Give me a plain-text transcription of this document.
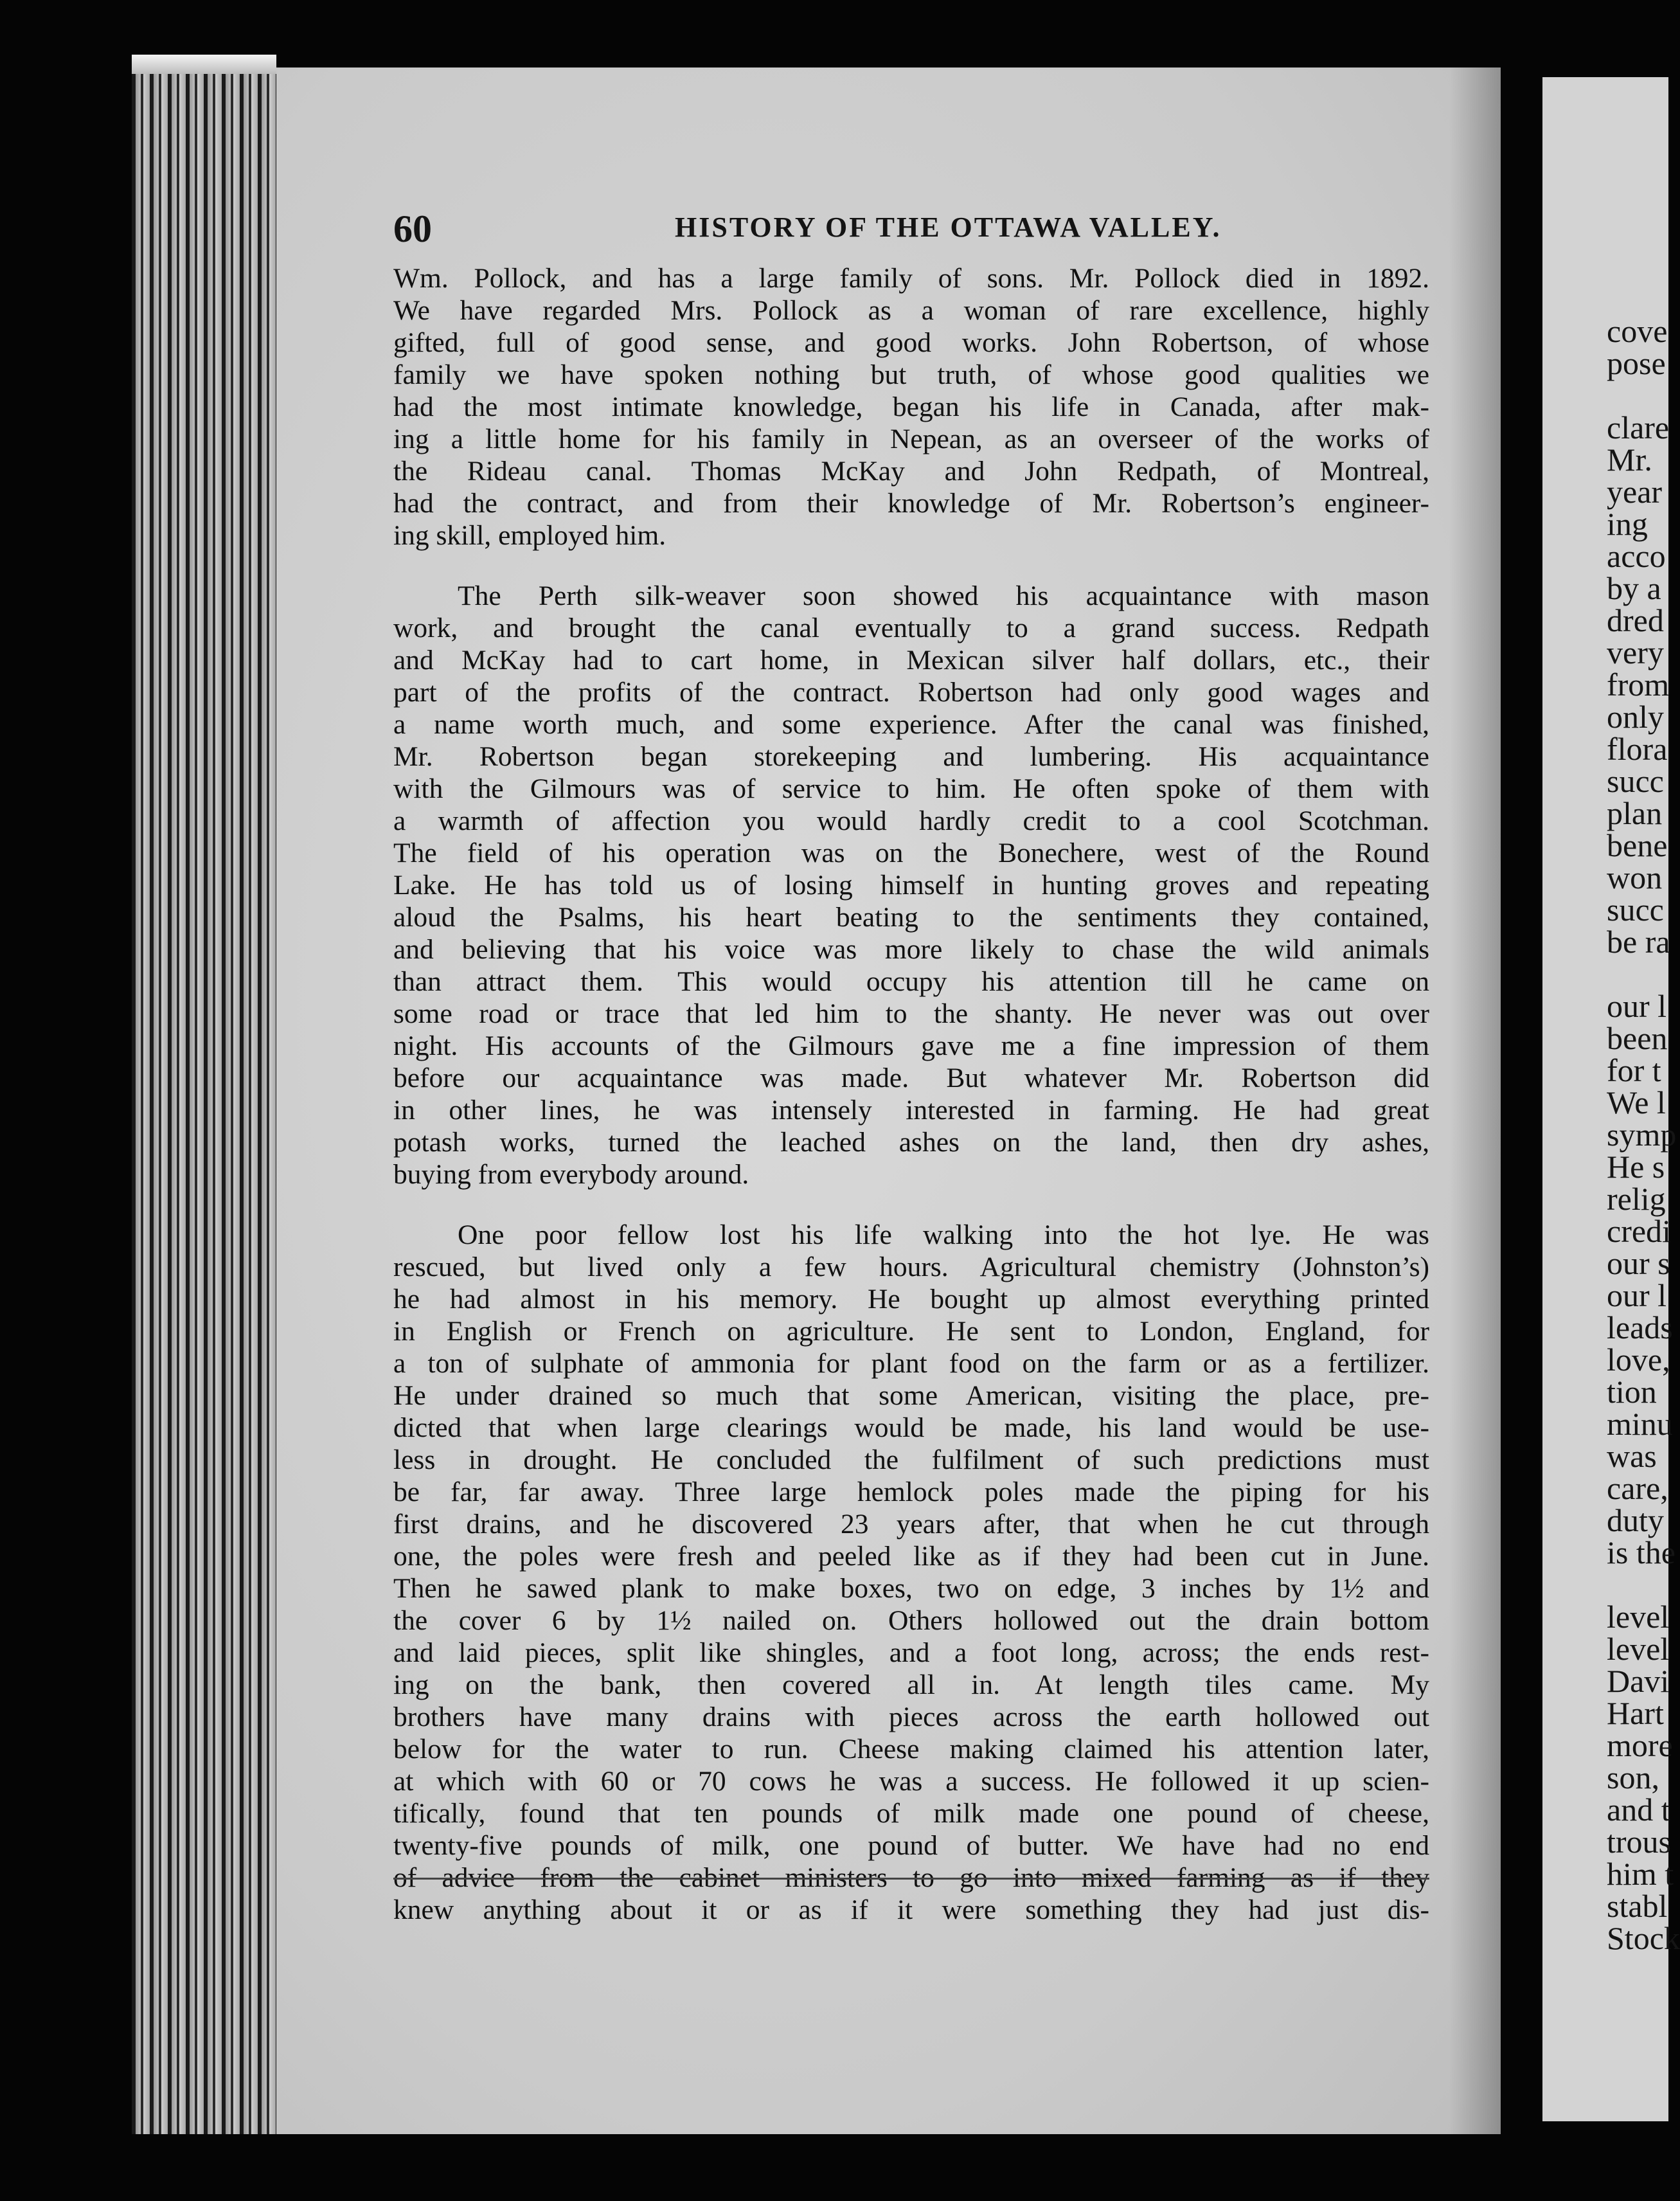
60	HISTORY OF THE OTTAWA VALLEY.
Wm. Pollock, and has a large family of sons. Mr. Pollock died in 1892.
We have regarded Mrs. Pollock as a woman of rare excellence, highly
gifted, full of good sense, and good works. John Robertson, of whose
family we have spoken nothing but truth, of whose good qualities we
had the most intimate knowledge, began his life in Canada, after mak-
ing a little home for his family in Nepean, as an overseer of the works of
the Rideau canal. Thomas McKay and John Redpath, of Montreal,
had the contract, and from their knowledge of Mr. Robertson’s engineer-
ing skill, employed him.
The Perth silk-weaver soon showed his acquaintance with mason
work, and brought the canal eventually to a grand success. Redpath
and McKay had to cart home, in Mexican silver half dollars, etc., their
part of the profits of the contract. Robertson had only good wages and
a name worth much, and some experience. After the canal was finished,
Mr. Robertson began storekeeping and lumbering. His acquaintance
with the Gilmours was of service to him. He often spoke of them with
a warmth of affection you would hardly credit to a cool Scotchman.
The field of his operation was on the Bonechere, west of the Round
Lake. He has told us of losing himself in hunting groves and repeating
aloud the Psalms, his heart beating to the sentiments they contained,
and believing that his voice was more likely to chase the wild animals
than attract them. This would occupy his attention till he came on
some road or trace that led him to the shanty. He never was out over
night. His accounts of the Gilmours gave me a fine impression of them
before our acquaintance was made. But whatever Mr. Robertson did
in other lines, he was intensely interested in farming. He had great
potash works, turned the leached ashes on the land, then dry ashes,
buying from everybody around.
One poor fellow lost his life walking into the hot lye. He was
rescued, but lived only a few hours. Agricultural chemistry (Johnston’s)
he had almost in his memory. He bought up almost everything printed
in English or French on agriculture. He sent to London, England, for
a ton of sulphate of ammonia for plant food on the farm or as a fertilizer.
He under drained so much that some American, visiting the place, pre-
dicted that when large clearings would be made, his land would be use-
less in drought. He concluded the fulfilment of such predictions must
be far, far away. Three large hemlock poles made the piping for his
first drains, and he discovered 23 years after, that when he cut through
one, the poles were fresh and peeled like as if they had been cut in June.
Then he sawed plank to make boxes, two on edge, 3 inches by 1½ and
the cover 6 by 1½ nailed on. Others hollowed out the drain bottom
and laid pieces, split like shingles, and a foot long, across; the ends rest-
ing on the bank, then covered all in. At length tiles came. My
brothers have many drains with pieces across the earth hollowed out
below for the water to run. Cheese making claimed his attention later,
at which with 60 or 70 cows he was a success. He followed it up scien-
tifically, found that ten pounds of milk made one pound of cheese,
twenty-five pounds of milk, one pound of butter. We have had no end
of advice from the cabinet ministers to go into mixed farming as if they
knew anything about it or as if it were something they had just dis-
cove
pose
clare
Mr.
year
ing
acco
by a
dred
very
from
only
flora
succ
plan
bene
won
succ
be ra
our l
been
for t
We l
symp
He s
relig
credi
our s
our l
leads
love,
tion
minu
was
care,
duty
is the
level
level
Davi
Hart
more
son,
and t
trous
him t
stabl
Stock
